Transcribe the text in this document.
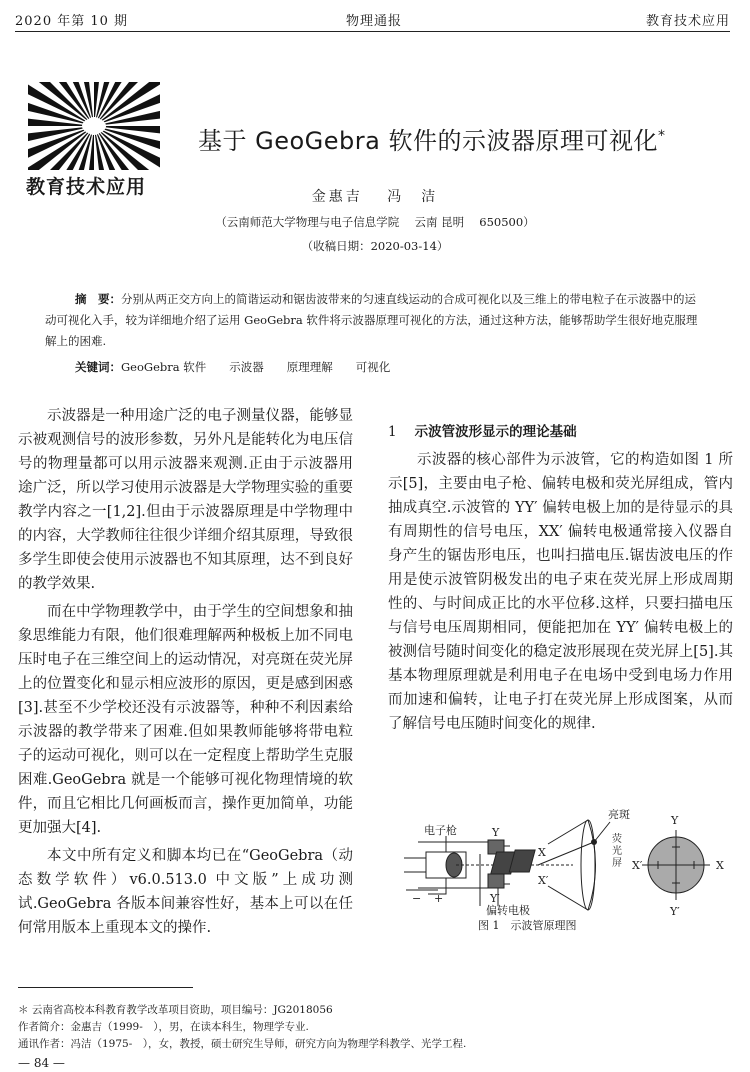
2020 年第 10 期	物理通报	教育技术应用
教育技术应用
基于 GeoGebra 软件的示波器原理可视化*
金惠吉　 冯　洁
（云南师范大学物理与电子信息学院　 云南 昆明　 650500）
（收稿日期：2020-03-14）
摘　要：分别从两正交方向上的简谐运动和锯齿波带来的匀速直线运动的合成可视化以及三维上的带电粒子在示波器中的运动可视化入手，较为详细地介绍了运用 GeoGebra 软件将示波器原理可视化的方法，通过这种方法，能够帮助学生很好地克服理解上的困难.
关键词：GeoGebra 软件　　示波器　　原理理解　　可视化

示波器是一种用途广泛的电子测量仪器，能够显示被观测信号的波形参数，另外凡是能转化为电压信号的物理量都可以用示波器来观测.正由于示波器用途广泛，所以学习使用示波器是大学物理实验的重要教学内容之一[1,2].但由于示波器原理是中学物理中的内容，大学教师往往很少详细介绍其原理，导致很多学生即使会使用示波器也不知其原理，达不到良好的教学效果.

而在中学物理教学中，由于学生的空间想象和抽象思维能力有限，他们很难理解两种极板上加不同电压时电子在三维空间上的运动情况，对亮斑在荧光屏上的位置变化和显示相应波形的原因，更是感到困惑[3].甚至不少学校还没有示波器等，种种不利因素给示波器的教学带来了困难.但如果教师能够将带电粒子的运动可视化，则可以在一定程度上帮助学生克服困难.GeoGebra 就是一个能够可视化物理情境的软件，而且它相比几何画板而言，操作更加简单，功能更加强大[4].

本文中所有定义和脚本均已在“GeoGebra（动态数学软件）v6.0.513.0 中文版”上成功测试.GeoGebra 各版本间兼容性好，基本上可以在任何常用版本上重现本文的操作.

1 示波管波形显示的理论基础

示波器的核心部件为示波管，它的构造如图 1 所示[5]，主要由电子枪、偏转电极和荧光屏组成，管内抽成真空.示波管的 YY′ 偏转电极上加的是待显示的具有周期性的信号电压，XX′ 偏转电极通常接入仪器自身产生的锯齿形电压，也叫扫描电压.锯齿波电压的作用是使示波管阴极发出的电子束在荧光屏上形成周期性的、与时间成正比的水平位移.这样，只要扫描电压与信号电压周期相同，便能把加在 YY′ 偏转电极上的被测信号随时间变化的稳定波形展现在荧光屏上[5].其基本物理原理就是利用电子在电场中受到电场力作用而加速和偏转，让电子打在荧光屏上形成图案，从而了解信号电压随时间变化的规律.

电子枪
亮斑
偏转电极
− +
Y
Y′
X
X′
Y
Y′
X
X′
荧光屏
图 1　示波管原理图
＊ 云南省高校本科教育教学改革项目资助，项目编号：JG2018056
作者简介：金惠吉（1999-　），男，在读本科生，物理学专业.
通讯作者：冯洁（1975-　），女，教授，硕士研究生导师，研究方向为物理学科教学、光学工程.
— 84 —
